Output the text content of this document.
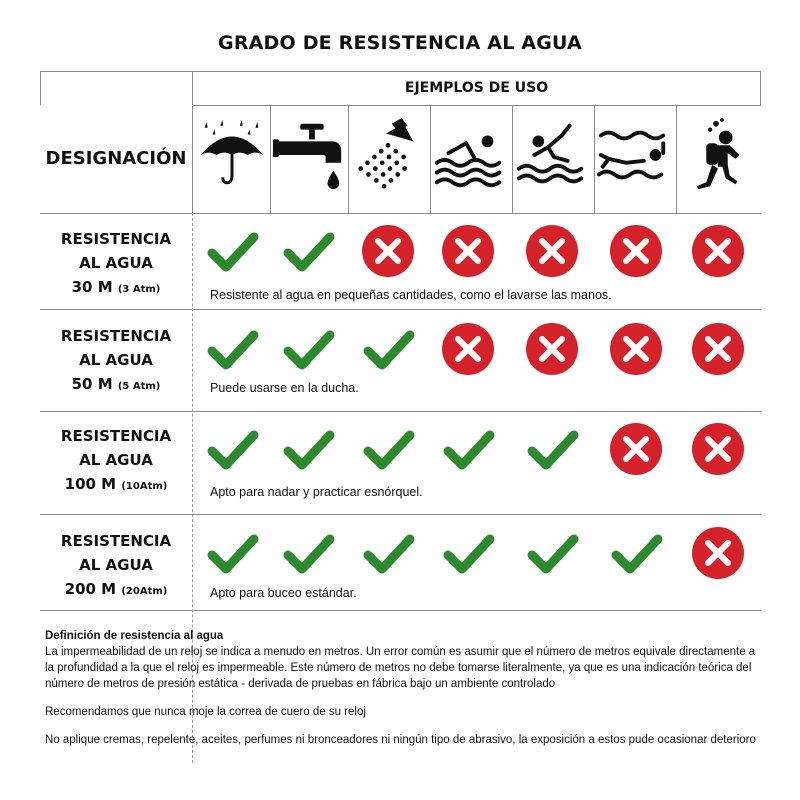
GRADO DE RESISTENCIA AL AGUA
EJEMPLOS DE USO
DESIGNACIÓN
RESISTENCIA
AL AGUA
30 M (3 Atm)
RESISTENCIA
AL AGUA
50 M (5 Atm)
RESISTENCIA
AL AGUA
100 M (10Atm)
RESISTENCIA
AL AGUA
200 M (20Atm)
Resistente al agua en pequeñas cantidades, como el lavarse las manos.
Puede usarse en la ducha.
Apto para nadar y practicar esnórquel.
Apto para buceo estándar.

Definición de resistencia al agua

La impermeabilidad de un reloj se indica a menudo en metros. Un error común es asumir que el número de metros equivale directamente a la profundidad a la que el reloj es impermeable. Este número de metros no debe tomarse literalmente, ya que es una indicación teórica del número de metros de presión estática - derivada de pruebas en fábrica bajo un ambiente controlado

Recomendamos que nunca moje la correa de cuero de su reloj

No aplique cremas, repelente, aceites, perfumes ni bronceadores ni ningún tipo de abrasivo, la exposición a estos pude ocasionar deterioro
